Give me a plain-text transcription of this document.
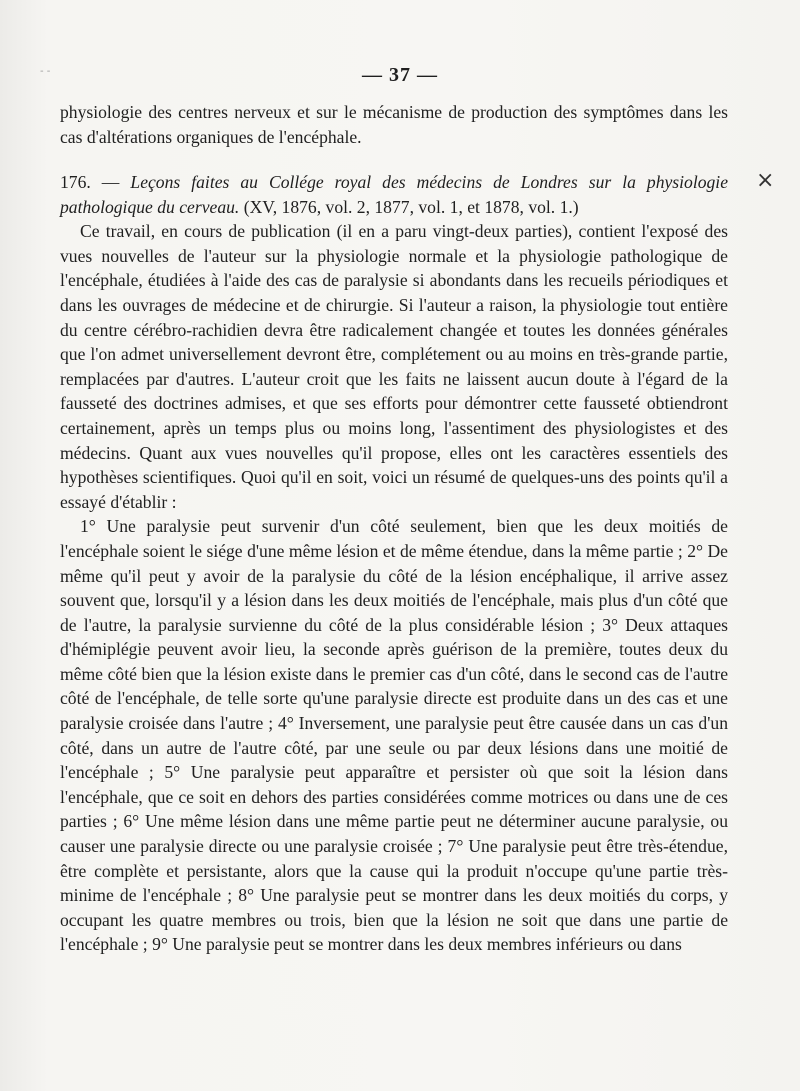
- -	— 37 —

physiologie des centres nerveux et sur le mécanisme de production des symptômes dans les cas d'altérations organiques de l'encéphale.

×

176. — Leçons faites au Collége royal des médecins de Londres sur la physiologie pathologique du cerveau. (XV, 1876, vol. 2, 1877, vol. 1, et 1878, vol. 1.)

Ce travail, en cours de publication (il en a paru vingt-deux parties), contient l'exposé des vues nouvelles de l'auteur sur la physiologie normale et la physiologie pathologique de l'encéphale, étudiées à l'aide des cas de paralysie si abondants dans les recueils périodiques et dans les ouvrages de médecine et de chirurgie. Si l'auteur a raison, la physiologie tout entière du centre cérébro-rachidien devra être radicalement changée et toutes les données générales que l'on admet universellement devront être, complétement ou au moins en très-grande partie, remplacées par d'autres. L'auteur croit que les faits ne laissent aucun doute à l'égard de la fausseté des doctrines admises, et que ses efforts pour démontrer cette fausseté obtiendront certainement, après un temps plus ou moins long, l'assentiment des physiologistes et des médecins. Quant aux vues nouvelles qu'il propose, elles ont les caractères essentiels des hypothèses scientifiques. Quoi qu'il en soit, voici un résumé de quelques-uns des points qu'il a essayé d'établir :

1° Une paralysie peut survenir d'un côté seulement, bien que les deux moitiés de l'encéphale soient le siége d'une même lésion et de même étendue, dans la même partie ; 2° De même qu'il peut y avoir de la paralysie du côté de la lésion encéphalique, il arrive assez souvent que, lorsqu'il y a lésion dans les deux moitiés de l'encéphale, mais plus d'un côté que de l'autre, la paralysie survienne du côté de la plus considérable lésion ; 3° Deux attaques d'hémiplégie peuvent avoir lieu, la seconde après guérison de la première, toutes deux du même côté bien que la lésion existe dans le premier cas d'un côté, dans le second cas de l'autre côté de l'encéphale, de telle sorte qu'une paralysie directe est produite dans un des cas et une paralysie croisée dans l'autre ; 4° Inversement, une paralysie peut être causée dans un cas d'un côté, dans un autre de l'autre côté, par une seule ou par deux lésions dans une moitié de l'encéphale ; 5° Une paralysie peut apparaître et persister où que soit la lésion dans l'encéphale, que ce soit en dehors des parties considérées comme motrices ou dans une de ces parties ; 6° Une même lésion dans une même partie peut ne déterminer aucune paralysie, ou causer une paralysie directe ou une paralysie croisée ; 7° Une paralysie peut être très-étendue, être complète et persistante, alors que la cause qui la produit n'occupe qu'une partie très-minime de l'encéphale ; 8° Une paralysie peut se montrer dans les deux moitiés du corps, y occupant les quatre membres ou trois, bien que la lésion ne soit que dans une partie de l'encéphale ; 9° Une paralysie peut se montrer dans les deux membres inférieurs ou dans
